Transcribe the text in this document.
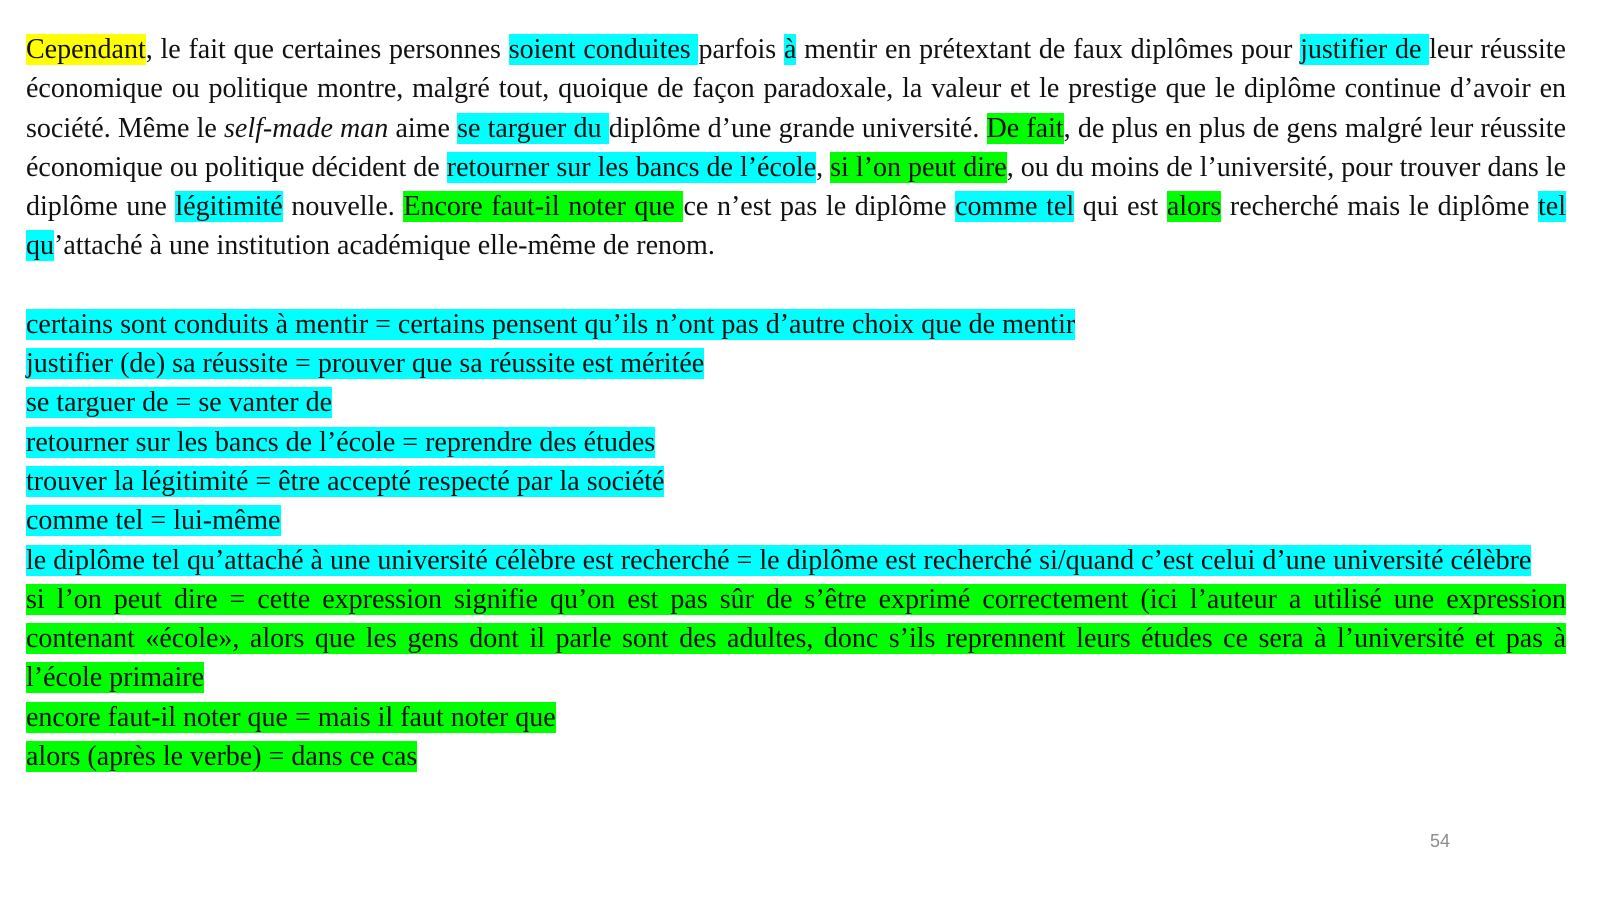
Cependant, le fait que certaines personnes soient conduites parfois à mentir en prétextant de faux diplômes pour justifier de leur réussite économique ou politique montre, malgré tout, quoique de façon paradoxale, la valeur et le prestige que le diplôme continue d’avoir en société. Même le self-made man aime se targuer du diplôme d’une grande université. De fait, de plus en plus de gens malgré leur réussite économique ou politique décident de retourner sur les bancs de l’école, si l’on peut dire, ou du moins de l’université, pour trouver dans le diplôme une légitimité nouvelle. Encore faut-il noter que ce n’est pas le diplôme comme tel qui est alors recherché mais le diplôme tel qu’attaché à une institution académique elle-même de renom.

certains sont conduits à mentir = certains pensent qu’ils n’ont pas d’autre choix que de mentir
justifier (de) sa réussite = prouver que sa réussite est méritée
se targuer de = se vanter de
retourner sur les bancs de l’école = reprendre des études
trouver la légitimité = être accepté respecté par la société
comme tel = lui-même
le diplôme tel qu’attaché à une université célèbre est recherché = le diplôme est recherché si/quand c’est celui d’une université célèbre
si l’on peut dire = cette expression signifie qu’on est pas sûr de s’être exprimé correctement (ici l’auteur a utilisé une expression contenant «école», alors que les gens dont il parle sont des adultes, donc s’ils reprennent leurs études ce sera à l’université et pas à l’école primaire
encore faut-il noter que = mais il faut noter que
alors (après le verbe) = dans ce cas
54
